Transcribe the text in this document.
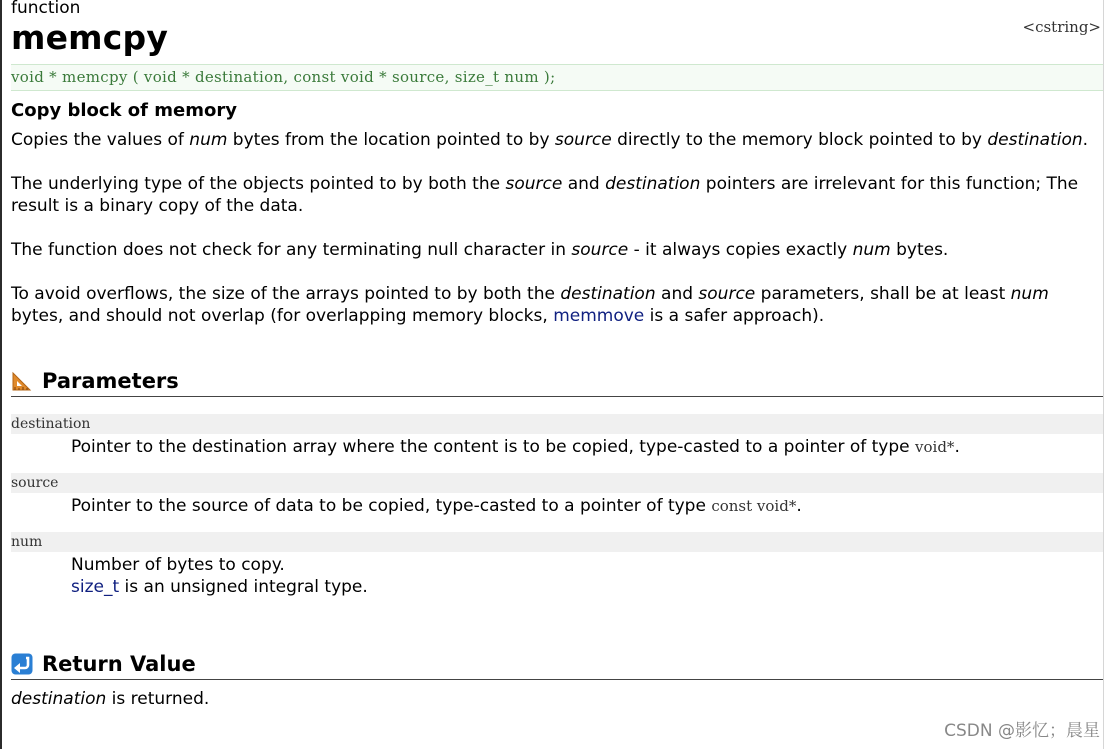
function
memcpy	<cstring>
void * memcpy ( void * destination, const void * source, size_t num );
Copy block of memory

Copies the values of num bytes from the location pointed to by source directly to the memory block pointed to by destination.

The underlying type of the objects pointed to by both the source and destination pointers are irrelevant for this function; The result is a binary copy of the data.

The function does not check for any terminating null character in source - it always copies exactly num bytes.

To avoid overflows, the size of the arrays pointed to by both the destination and source parameters, shall be at least num bytes, and should not overlap (for overlapping memory blocks, memmove is a safer approach).

Parameters
destination
Pointer to the destination array where the content is to be copied, type-casted to a pointer of type void*.
source
Pointer to the source of data to be copied, type-casted to a pointer of type const void*.
num
Number of bytes to copy.
size_t is an unsigned integral type.
Return Value
destination is returned.
CSDN @影忆；晨星
